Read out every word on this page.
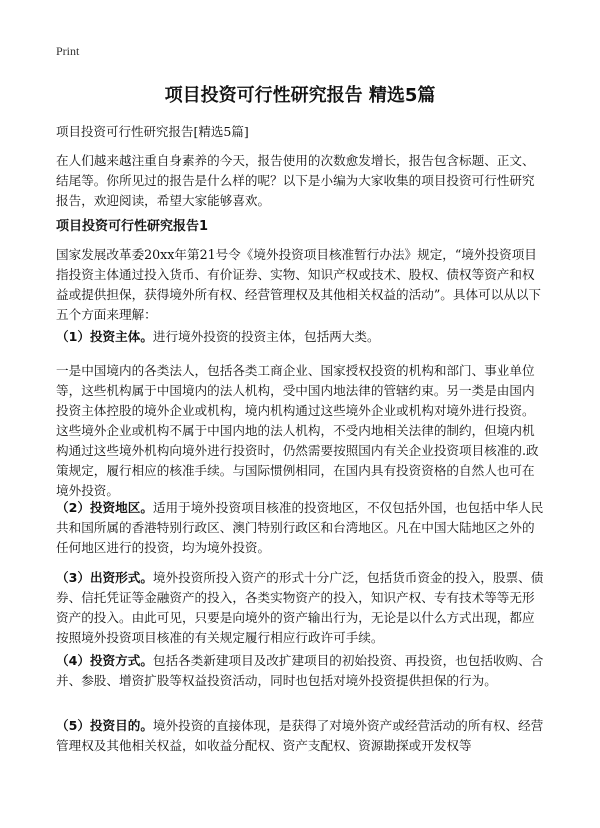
Print
项目投资可行性研究报告 精选5篇
项目投资可行性研究报告[精选5篇]
在人们越来越注重自身素养的今天，报告使用的次数愈发增长，报告包含标题、正文、结尾等。你所见过的报告是什么样的呢？以下是小编为大家收集的项目投资可行性研究报告，欢迎阅读，希望大家能够喜欢。
项目投资可行性研究报告1
国家发展改革委20xx年第21号令《境外投资项目核准暂行办法》规定，“境外投资项目指投资主体通过投入货币、有价证券、实物、知识产权或技术、股权、债权等资产和权益或提供担保，获得境外所有权、经营管理权及其他相关权益的活动”。具体可以从以下五个方面来理解：
（1）投资主体。进行境外投资的投资主体，包括两大类。
一是中国境内的各类法人，包括各类工商企业、国家授权投资的机构和部门、事业单位等，这些机构属于中国境内的法人机构，受中国内地法律的管辖约束。另一类是由国内投资主体控股的境外企业或机构，境内机构通过这些境外企业或机构对境外进行投资。这些境外企业或机构不属于中国内地的法人机构，不受内地相关法律的制约，但境内机构通过这些境外机构向境外进行投资时，仍然需要按照国内有关企业投资项目核准的.政策规定，履行相应的核准手续。与国际惯例相同，在国内具有投资资格的自然人也可在境外投资。
（2）投资地区。适用于境外投资项目核准的投资地区，不仅包括外国，也包括中华人民共和国所属的香港特别行政区、澳门特别行政区和台湾地区。凡在中国大陆地区之外的任何地区进行的投资，均为境外投资。
（3）出资形式。境外投资所投入资产的形式十分广泛，包括货币资金的投入，股票、债券、信托凭证等金融资产的投入，各类实物资产的投入，知识产权、专有技术等等无形资产的投入。由此可见，只要是向境外的资产输出行为，无论是以什么方式出现，都应按照境外投资项目核准的有关规定履行相应行政许可手续。
（4）投资方式。包括各类新建项目及改扩建项目的初始投资、再投资，也包括收购、合并、参股、增资扩股等权益投资活动，同时也包括对境外投资提供担保的行为。
（5）投资目的。境外投资的直接体现，是获得了对境外资产或经营活动的所有权、经营管理权及其他相关权益，如收益分配权、资产支配权、资源勘探或开发权等
